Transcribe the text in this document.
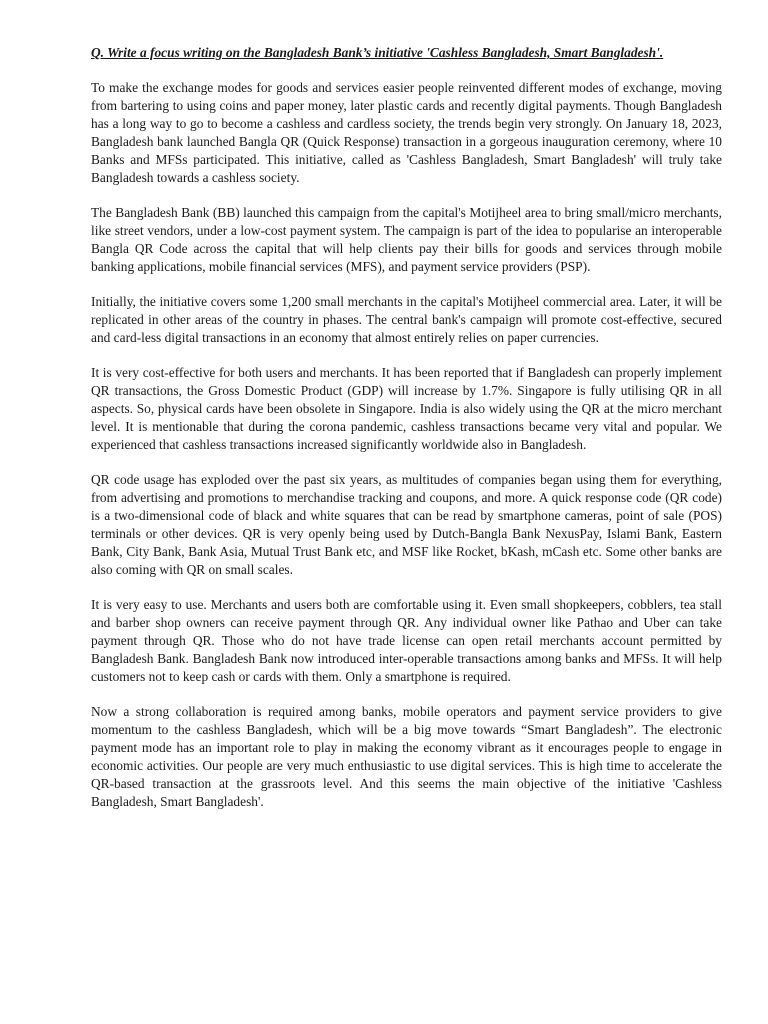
Q. Write a focus writing on the Bangladesh Bank’s initiative 'Cashless Bangladesh, Smart Bangladesh'.

To make the exchange modes for goods and services easier people reinvented different modes of exchange, moving from bartering to using coins and paper money, later plastic cards and recently digital payments. Though Bangladesh has a long way to go to become a cashless and cardless society, the trends begin very strongly. On January 18, 2023, Bangladesh bank launched Bangla QR (Quick Response) transaction in a gorgeous inauguration ceremony, where 10 Banks and MFSs participated. This initiative, called as 'Cashless Bangladesh, Smart Bangladesh' will truly take Bangladesh towards a cashless society.

The Bangladesh Bank (BB) launched this campaign from the capital's Motijheel area to bring small/micro merchants, like street vendors, under a low-cost payment system. The campaign is part of the idea to popularise an interoperable Bangla QR Code across the capital that will help clients pay their bills for goods and services through mobile banking applications, mobile financial services (MFS), and payment service providers (PSP).

Initially, the initiative covers some 1,200 small merchants in the capital's Motijheel commercial area. Later, it will be replicated in other areas of the country in phases. The central bank's campaign will promote cost-effective, secured and card-less digital transactions in an economy that almost entirely relies on paper currencies.

It is very cost-effective for both users and merchants. It has been reported that if Bangladesh can properly implement QR transactions, the Gross Domestic Product (GDP) will increase by 1.7%. Singapore is fully utilising QR in all aspects. So, physical cards have been obsolete in Singapore. India is also widely using the QR at the micro merchant level. It is mentionable that during the corona pandemic, cashless transactions became very vital and popular. We experienced that cashless transactions increased significantly worldwide also in Bangladesh.

QR code usage has exploded over the past six years, as multitudes of companies began using them for everything, from advertising and promotions to merchandise tracking and coupons, and more. A quick response code (QR code) is a two-dimensional code of black and white squares that can be read by smartphone cameras, point of sale (POS) terminals or other devices. QR is very openly being used by Dutch-Bangla Bank NexusPay, Islami Bank, Eastern Bank, City Bank, Bank Asia, Mutual Trust Bank etc, and MSF like Rocket, bKash, mCash etc. Some other banks are also coming with QR on small scales.

It is very easy to use. Merchants and users both are comfortable using it. Even small shopkeepers, cobblers, tea stall and barber shop owners can receive payment through QR. Any individual owner like Pathao and Uber can take payment through QR. Those who do not have trade license can open retail merchants account permitted by Bangladesh Bank. Bangladesh Bank now introduced inter-operable transactions among banks and MFSs. It will help customers not to keep cash or cards with them. Only a smartphone is required.

Now a strong collaboration is required among banks, mobile operators and payment service providers to give momentum to the cashless Bangladesh, which will be a big move towards “Smart Bangladesh”. The electronic payment mode has an important role to play in making the economy vibrant as it encourages people to engage in economic activities. Our people are very much enthusiastic to use digital services. This is high time to accelerate the QR-based transaction at the grassroots level. And this seems the main objective of the initiative 'Cashless Bangladesh, Smart Bangladesh'.
